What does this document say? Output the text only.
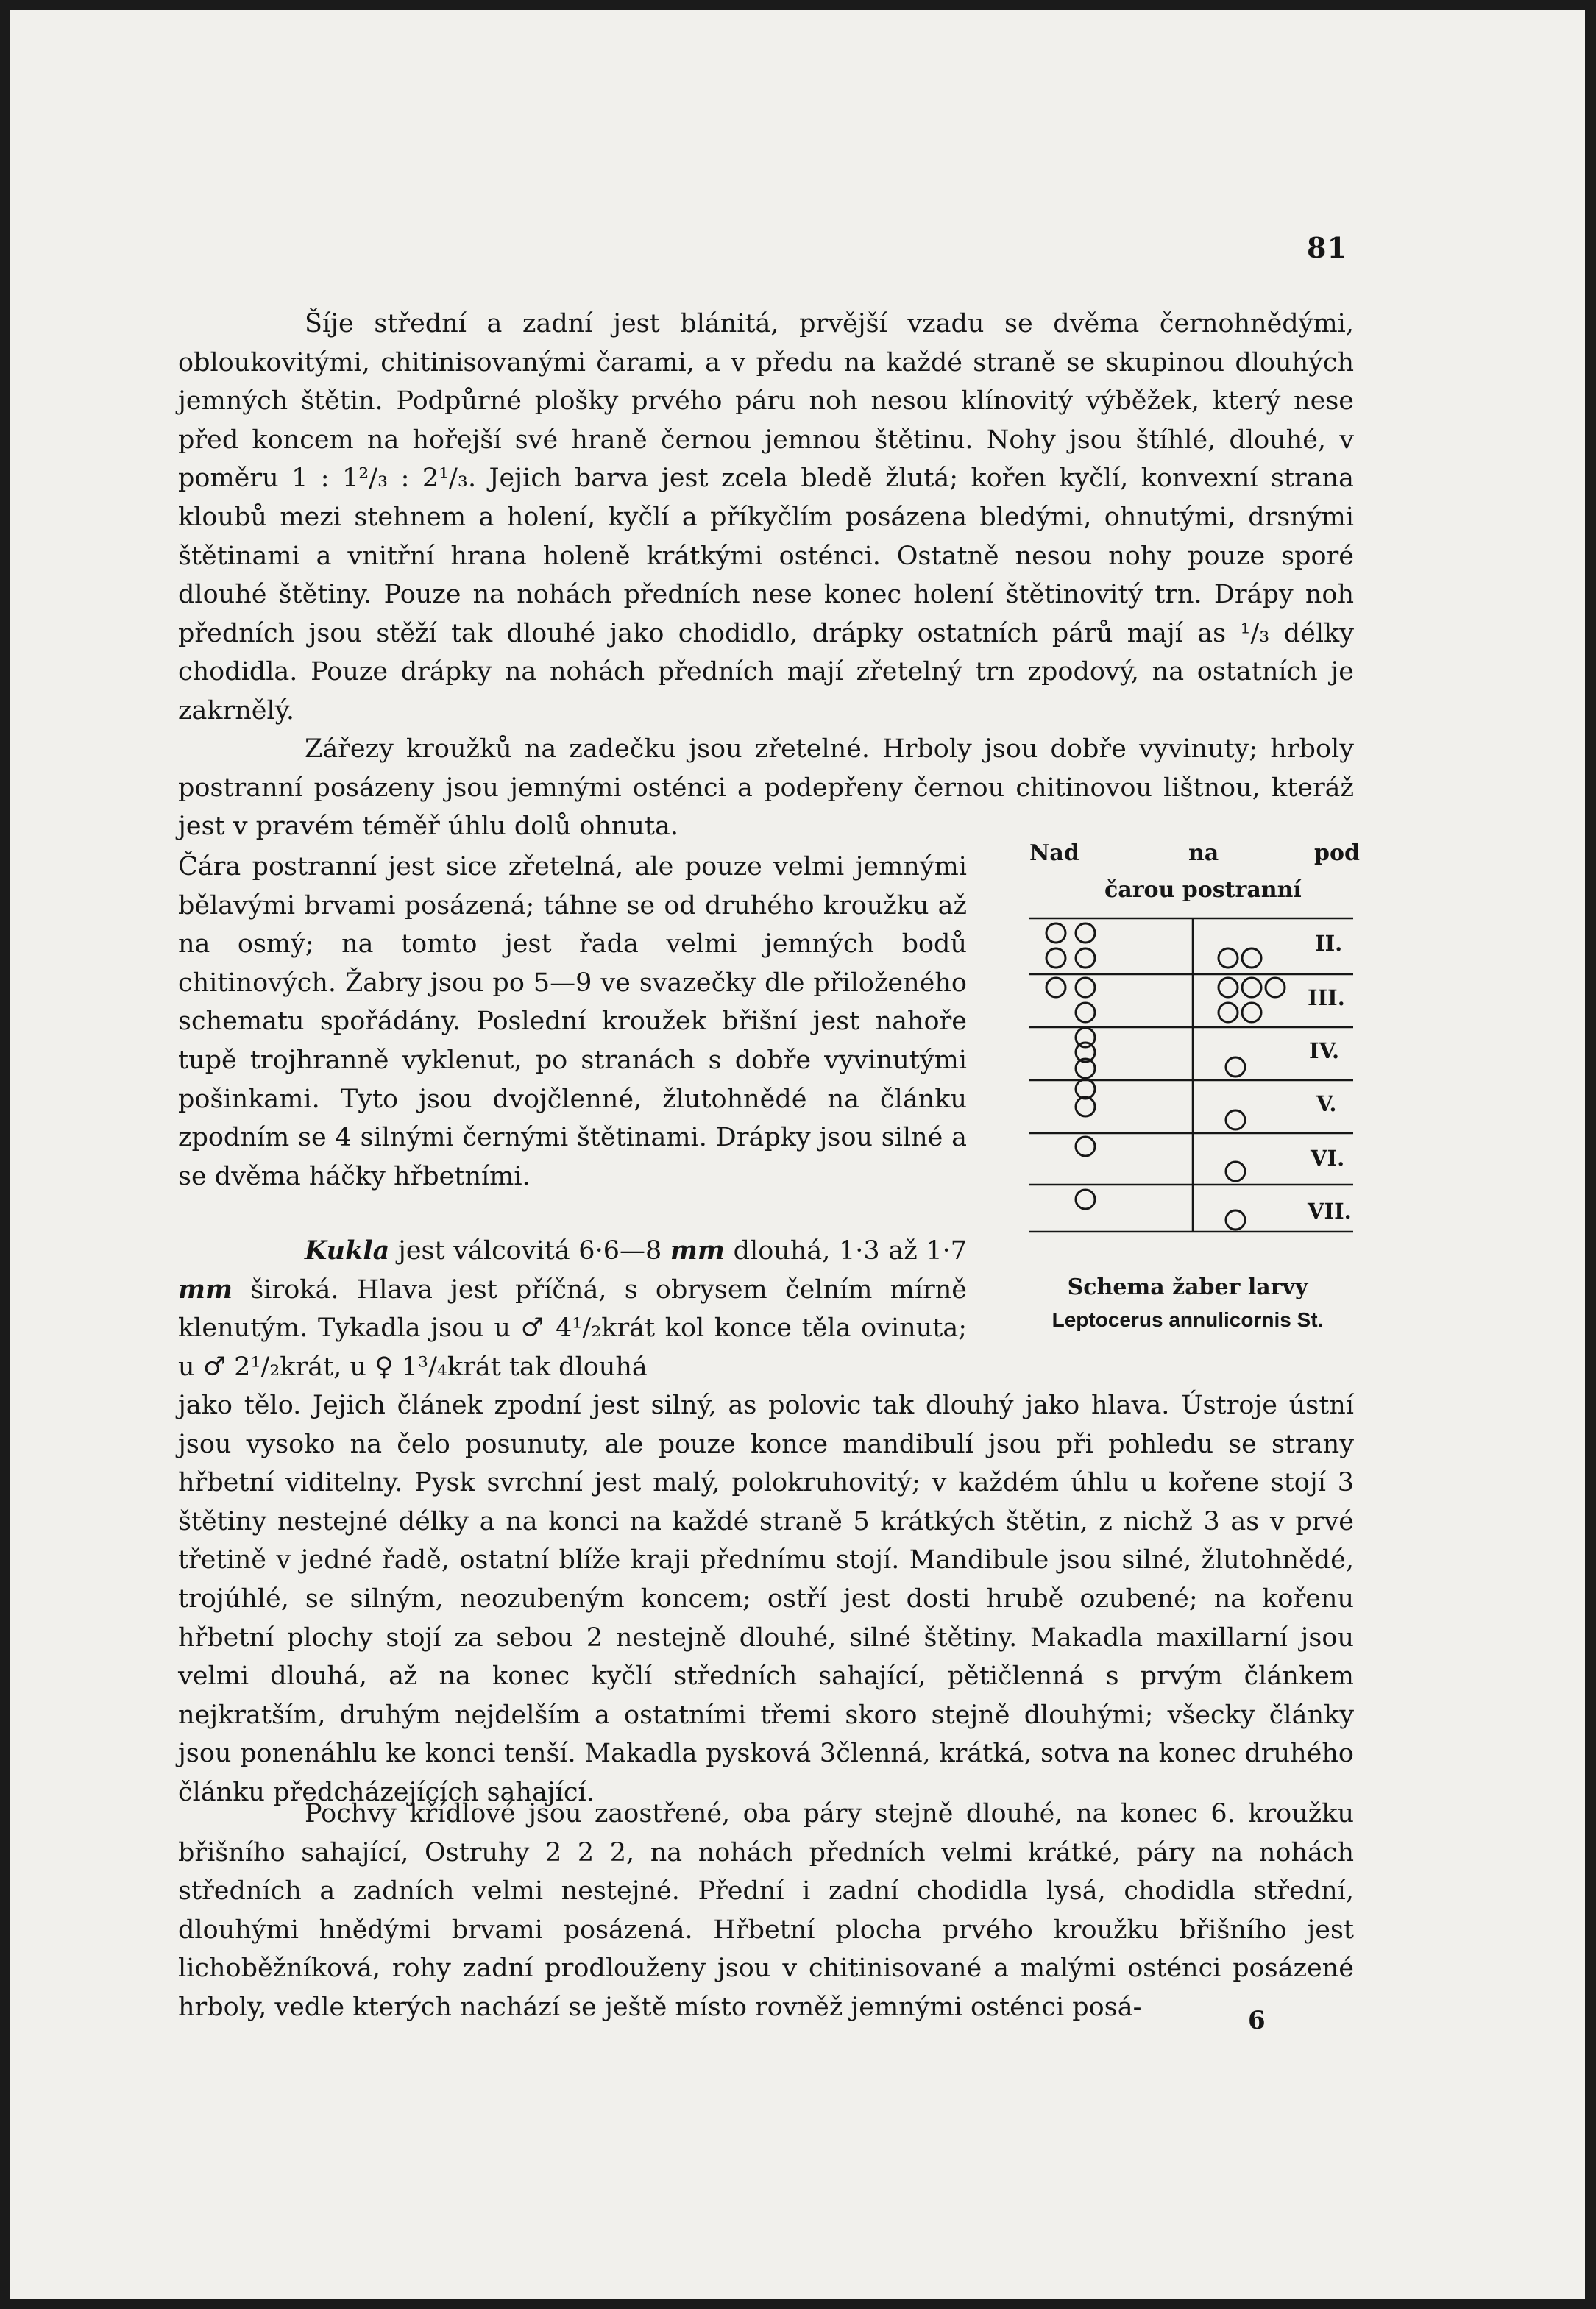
81

Šíje střední a zadní jest blánitá, prvější vzadu se dvěma černohnědými, obloukovitými, chitinisovanými čarami, a v předu na každé straně se skupinou dlouhých jemných štětin. Podpůrné plošky prvého páru noh nesou klínovitý výběžek, který nese před koncem na hořejší své hraně černou jemnou štětinu. Nohy jsou štíhlé, dlouhé, v poměru 1 : 1²/₃ : 2¹/₃. Jejich barva jest zcela bledě žlutá; kořen kyčlí, konvexní strana kloubů mezi stehnem a holení, kyčlí a příkyčlím posázena bledými, ohnutými, drsnými štětinami a vnitřní hrana holeně krátkými osténci. Ostatně nesou nohy pouze sporé dlouhé štětiny. Pouze na nohách předních nese konec holení štětinovitý trn. Drápy noh předních jsou stěží tak dlouhé jako chodidlo, drápky ostatních párů mají as ¹/₃ délky chodidla. Pouze drápky na nohách předních mají zřetelný trn zpodový, na ostatních je zakrnělý.

Zářezy kroužků na zadečku jsou zřetelné. Hrboly jsou dobře vyvinuty; hrboly postranní posázeny jsou jemnými osténci a podepřeny černou chitinovou lištnou, kteráž jest v pravém téměř úhlu dolů ohnuta.

Čára postranní jest sice zřetelná, ale pouze velmi jemnými bělavými brvami posázená; táhne se od druhého kroužku až na osmý; na tomto jest řada velmi jemných bodů chitinových. Žabry jsou po 5—9 ve svazečky dle přiloženého schematu spořádány. Poslední kroužek břišní jest nahoře tupě trojhranně vyklenut, po stranách s dobře vyvinutými pošinkami. Tyto jsou dvojčlenné, žlutohnědé na článku zpodním se 4 silnými černými štětinami. Drápky jsou silné a se dvěma háčky hřbetními.

Kukla jest válcovitá 6·6—8 mm dlouhá, 1·3 až 1·7 mm široká. Hlava jest příčná, s obrysem čelním mírně klenutým. Tykadla jsou u ♂ 4¹/₂krát kol konce těla ovinuta; u ♂ 2¹/₂krát, u ♀ 1³/₄krát tak dlouhá

jako tělo. Jejich článek zpodní jest silný, as polovic tak dlouhý jako hlava. Ústroje ústní jsou vysoko na čelo posunuty, ale pouze konce mandibulí jsou při pohledu se strany hřbetní viditelny. Pysk svrchní jest malý, polokruhovitý; v každém úhlu u kořene stojí 3 štětiny nestejné délky a na konci na každé straně 5 krátkých štětin, z nichž 3 as v prvé třetině v jedné řadě, ostatní blíže kraji přednímu stojí. Mandibule jsou silné, žlutohnědé, trojúhlé, se silným, neozubeným koncem; ostří jest dosti hrubě ozubené; na kořenu hřbetní plochy stojí za sebou 2 nestejně dlouhé, silné štětiny. Makadla maxillarní jsou velmi dlouhá, až na konec kyčlí středních sahající, pětičlenná s prvým článkem nejkratším, druhým nejdelším a ostatními třemi skoro stejně dlouhými; všecky články jsou ponenáhlu ke konci tenší. Makadla pysková 3členná, krátká, sotva na konec druhého článku předcházejících sahající.

Pochvy křídlové jsou zaostřené, oba páry stejně dlouhé, na konec 6. kroužku břišního sahající, Ostruhy 2 2 2, na nohách předních velmi krátké, páry na nohách středních a zadních velmi nestejné. Přední i zadní chodidla lysá, chodidla střední, dlouhými hnědými brvami posázená. Hřbetní plocha prvého kroužku břišního jest lichoběžníková, rohy zadní prodlouženy jsou v chitinisované a malými osténci posázené hrboly, vedle kterých nachází se ještě místo rovněž jemnými osténci posá-	6
Nad	na	pod
čarou postranní
II.
III.
IV.
V.
VI.
VII.
Schema žaber larvy
Leptocerus annulicornis St.
